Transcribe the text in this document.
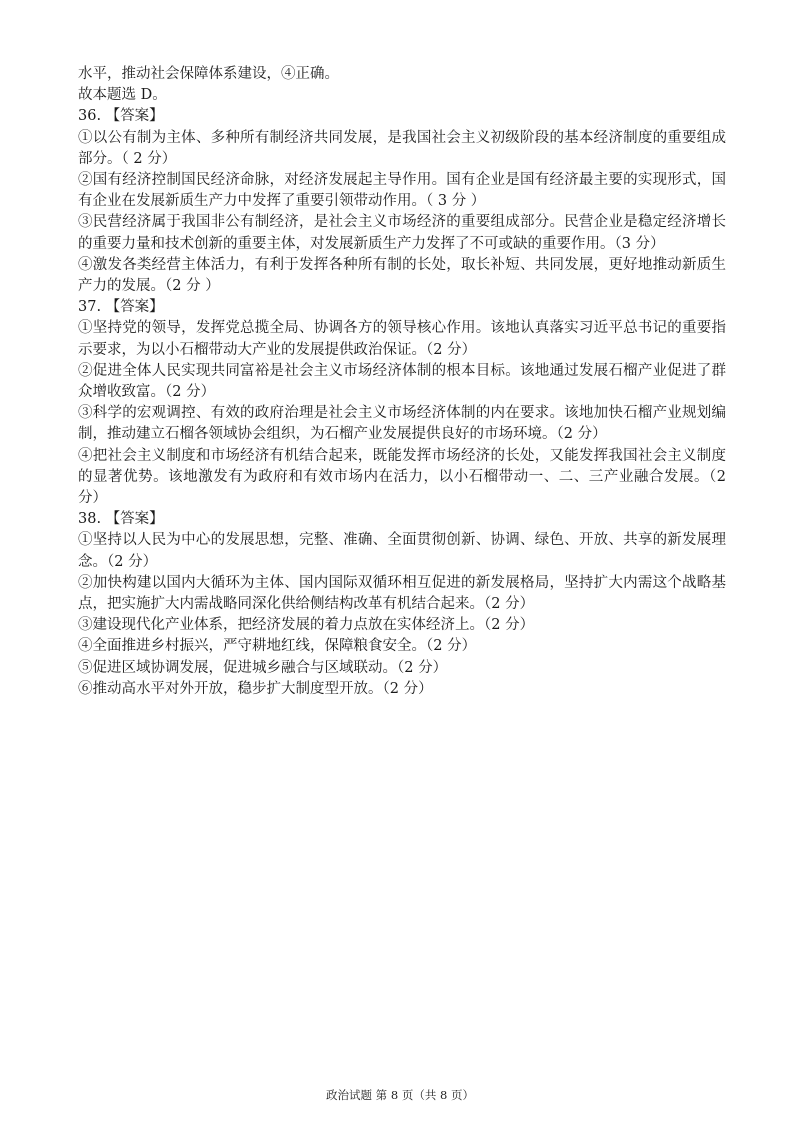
水平，推动社会保障体系建设，④正确。

故本题选 D。

36. 【答案】

①以公有制为主体、多种所有制经济共同发展，是我国社会主义初级阶段的基本经济制度的重要组成部分。（ 2 分）

②国有经济控制国民经济命脉，对经济发展起主导作用。国有企业是国有经济最主要的实现形式，国有企业在发展新质生产力中发挥了重要引领带动作用。（ 3 分 ）

③民营经济属于我国非公有制经济，是社会主义市场经济的重要组成部分。民营企业是稳定经济增长的重要力量和技术创新的重要主体，对发展新质生产力发挥了不可或缺的重要作用。（3 分）

④激发各类经营主体活力，有利于发挥各种所有制的长处，取长补短、共同发展，更好地推动新质生产力的发展。（2 分 ）

37. 【答案】

①坚持党的领导，发挥党总揽全局、协调各方的领导核心作用。该地认真落实习近平总书记的重要指示要求，为以小石榴带动大产业的发展提供政治保证。（2 分）

②促进全体人民实现共同富裕是社会主义市场经济体制的根本目标。该地通过发展石榴产业促进了群众增收致富。（2 分）

③科学的宏观调控、有效的政府治理是社会主义市场经济体制的内在要求。该地加快石榴产业规划编制，推动建立石榴各领域协会组织，为石榴产业发展提供良好的市场环境。（2 分）

④把社会主义制度和市场经济有机结合起来，既能发挥市场经济的长处，又能发挥我国社会主义制度的显著优势。该地激发有为政府和有效市场内在活力，以小石榴带动一、二、三产业融合发展。（2 分）

38. 【答案】

①坚持以人民为中心的发展思想，完整、准确、全面贯彻创新、协调、绿色、开放、共享的新发展理念。（2 分）

②加快构建以国内大循环为主体、国内国际双循环相互促进的新发展格局，坚持扩大内需这个战略基点，把实施扩大内需战略同深化供给侧结构改革有机结合起来。（2 分）

③建设现代化产业体系，把经济发展的着力点放在实体经济上。（2 分）

④全面推进乡村振兴，严守耕地红线，保障粮食安全。（2 分）

⑤促进区域协调发展，促进城乡融合与区域联动。（2 分）

⑥推动高水平对外开放，稳步扩大制度型开放。（2 分）

政治试题 第 8 页（共 8 页）
